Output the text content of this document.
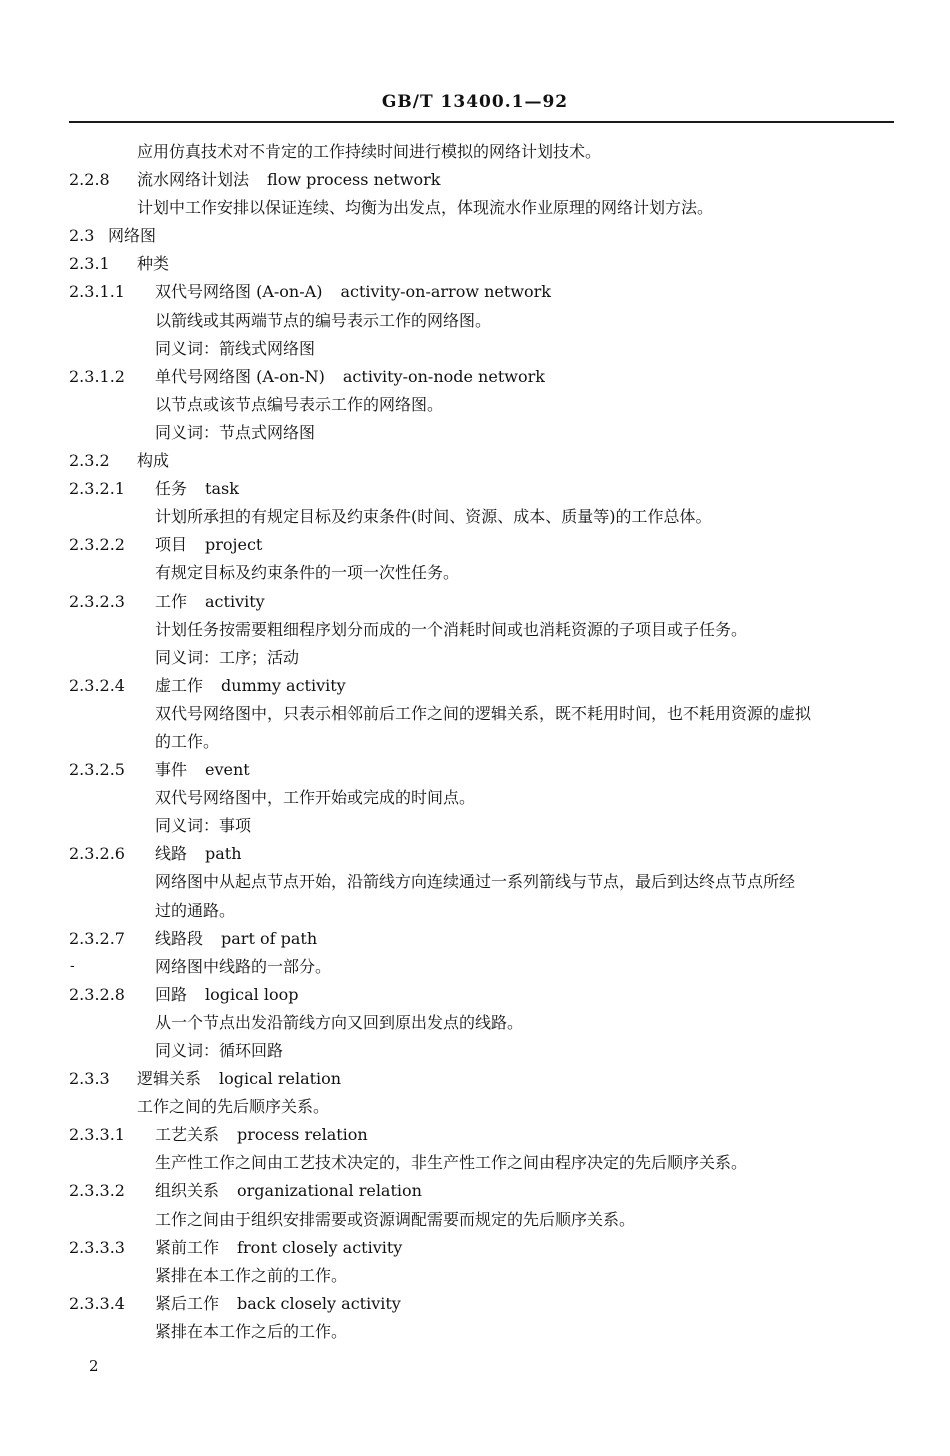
GB/T 13400.1—92
应用仿真技术对不肯定的工作持续时间进行模拟的网络计划技术。
2.2.8 流水网络计划法 flow process network
计划中工作安排以保证连续、均衡为出发点，体现流水作业原理的网络计划方法。
2.3 网络图
2.3.1 种类
2.3.1.1 双代号网络图 (A-on-A) activity-on-arrow network
以箭线或其两端节点的编号表示工作的网络图。
同义词：箭线式网络图
2.3.1.2 单代号网络图 (A-on-N) activity-on-node network
以节点或该节点编号表示工作的网络图。
同义词：节点式网络图
2.3.2 构成
2.3.2.1 任务 task
计划所承担的有规定目标及约束条件(时间、资源、成本、质量等)的工作总体。
2.3.2.2 项目 project
有规定目标及约束条件的一项一次性任务。
2.3.2.3 工作 activity
计划任务按需要粗细程序划分而成的一个消耗时间或也消耗资源的子项目或子任务。
同义词：工序；活动
2.3.2.4 虚工作 dummy activity
双代号网络图中，只表示相邻前后工作之间的逻辑关系，既不耗用时间，也不耗用资源的虚拟
的工作。
2.3.2.5 事件 event
双代号网络图中，工作开始或完成的时间点。
同义词：事项
2.3.2.6 线路 path
网络图中从起点节点开始，沿箭线方向连续通过一系列箭线与节点，最后到达终点节点所经
过的通路。
2.3.2.7 线路段 part of path
网络图中线路的一部分。
2.3.2.8 回路 logical loop
从一个节点出发沿箭线方向又回到原出发点的线路。
同义词：循环回路
2.3.3 逻辑关系 logical relation
工作之间的先后顺序关系。
2.3.3.1 工艺关系 process relation
生产性工作之间由工艺技术决定的，非生产性工作之间由程序决定的先后顺序关系。
2.3.3.2 组织关系 organizational relation
工作之间由于组织安排需要或资源调配需要而规定的先后顺序关系。
2.3.3.3 紧前工作 front closely activity
紧排在本工作之前的工作。
2.3.3.4 紧后工作 back closely activity
紧排在本工作之后的工作。
-
2
